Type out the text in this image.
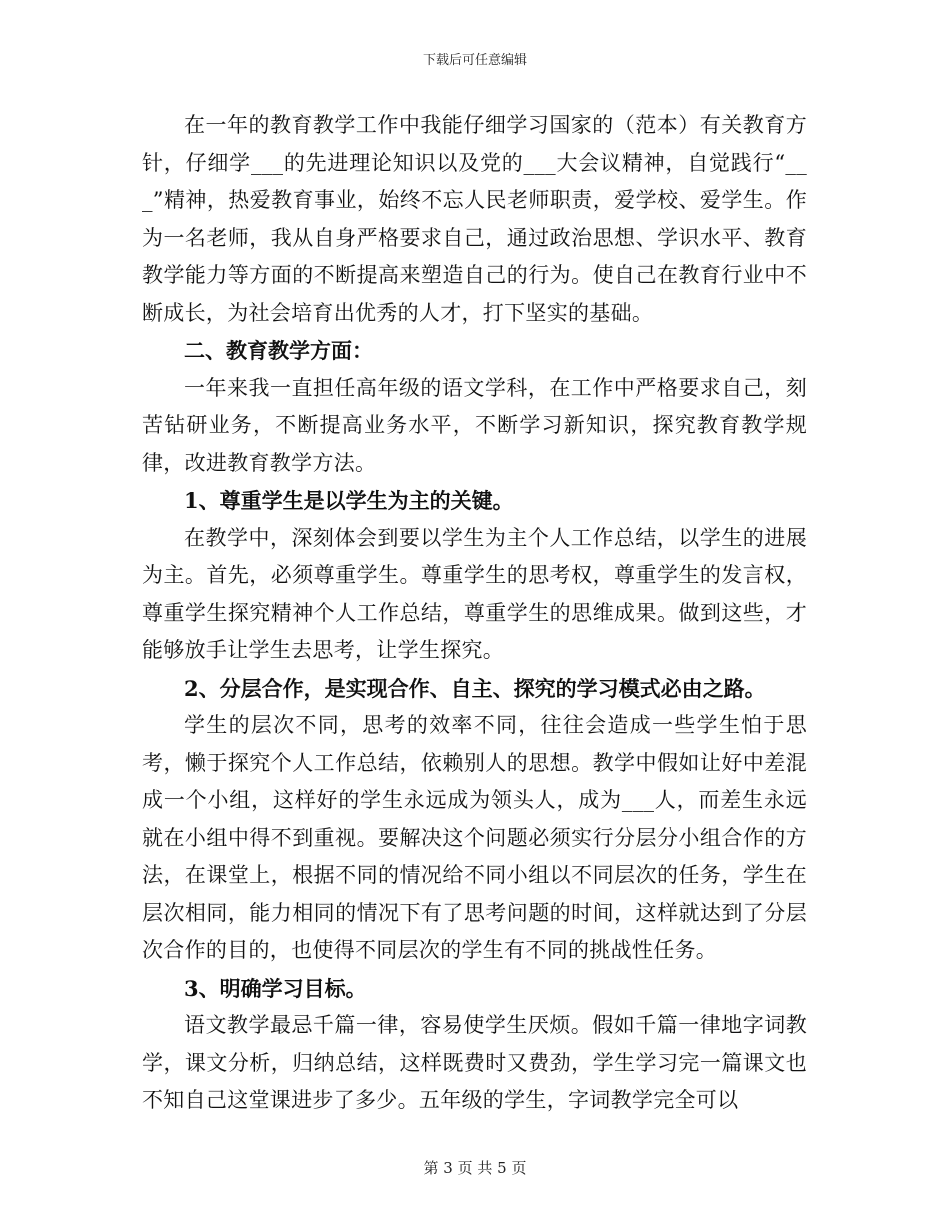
下载后可任意编辑

在一年的教育教学工作中我能仔细学习国家的（范本）有关教育方针，仔细学___的先进理论知识以及党的___大会议精神，自觉践行“___”精神，热爱教育事业，始终不忘人民老师职责，爱学校、爱学生。作为一名老师，我从自身严格要求自己，通过政治思想、学识水平、教育教学能力等方面的不断提高来塑造自己的行为。使自己在教育行业中不断成长，为社会培育出优秀的人才，打下坚实的基础。

二、教育教学方面：

一年来我一直担任高年级的语文学科，在工作中严格要求自己，刻苦钻研业务，不断提高业务水平，不断学习新知识，探究教育教学规律，改进教育教学方法。

1、尊重学生是以学生为主的关键。

在教学中，深刻体会到要以学生为主个人工作总结，以学生的进展为主。首先，必须尊重学生。尊重学生的思考权，尊重学生的发言权，尊重学生探究精神个人工作总结，尊重学生的思维成果。做到这些，才能够放手让学生去思考，让学生探究。

2、分层合作，是实现合作、自主、探究的学习模式必由之路。

学生的层次不同，思考的效率不同，往往会造成一些学生怕于思考，懒于探究个人工作总结，依赖别人的思想。教学中假如让好中差混成一个小组，这样好的学生永远成为领头人，成为___人，而差生永远就在小组中得不到重视。要解决这个问题必须实行分层分小组合作的方法，在课堂上，根据不同的情况给不同小组以不同层次的任务，学生在层次相同，能力相同的情况下有了思考问题的时间，这样就达到了分层次合作的目的，也使得不同层次的学生有不同的挑战性任务。

3、明确学习目标。

语文教学最忌千篇一律，容易使学生厌烦。假如千篇一律地字词教学，课文分析，归纳总结，这样既费时又费劲，学生学习完一篇课文也不知自己这堂课进步了多少。五年级的学生，字词教学完全可以

第 3 页 共 5 页
